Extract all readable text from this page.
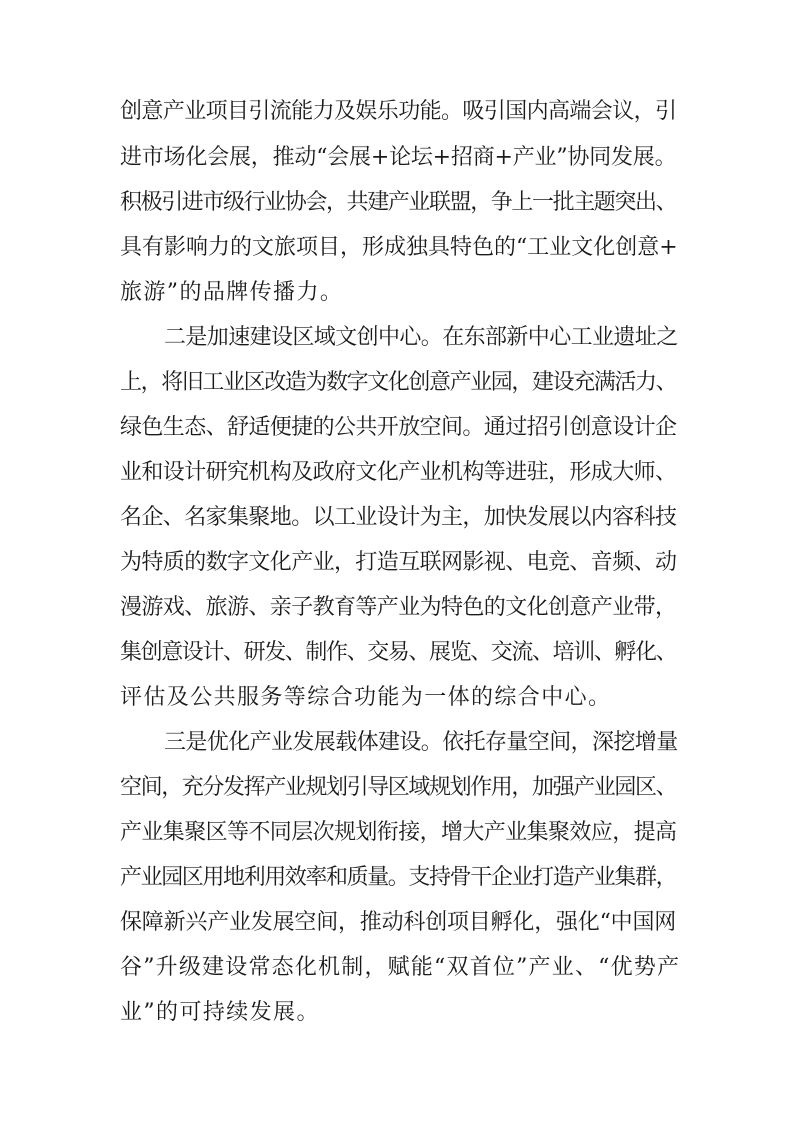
创意产业项目引流能力及娱乐功能。吸引国内高端会议，引
进市场化会展，推动“会展+论坛+招商+产业”协同发展。
积极引进市级行业协会，共建产业联盟，争上一批主题突出、
具有影响力的文旅项目，形成独具特色的“工业文化创意+
旅游”的品牌传播力。
二是加速建设区域文创中心。在东部新中心工业遗址之
上，将旧工业区改造为数字文化创意产业园，建设充满活力、
绿色生态、舒适便捷的公共开放空间。通过招引创意设计企
业和设计研究机构及政府文化产业机构等进驻，形成大师、
名企、名家集聚地。以工业设计为主，加快发展以内容科技
为特质的数字文化产业，打造互联网影视、电竞、音频、动
漫游戏、旅游、亲子教育等产业为特色的文化创意产业带，
集创意设计、研发、制作、交易、展览、交流、培训、孵化、
评估及公共服务等综合功能为一体的综合中心。
三是优化产业发展载体建设。依托存量空间，深挖增量
空间，充分发挥产业规划引导区域规划作用，加强产业园区、
产业集聚区等不同层次规划衔接，增大产业集聚效应，提高
产业园区用地利用效率和质量。支持骨干企业打造产业集群，
保障新兴产业发展空间，推动科创项目孵化，强化“中国网
谷”升级建设常态化机制，赋能“双首位”产业、“优势产
业”的可持续发展。
